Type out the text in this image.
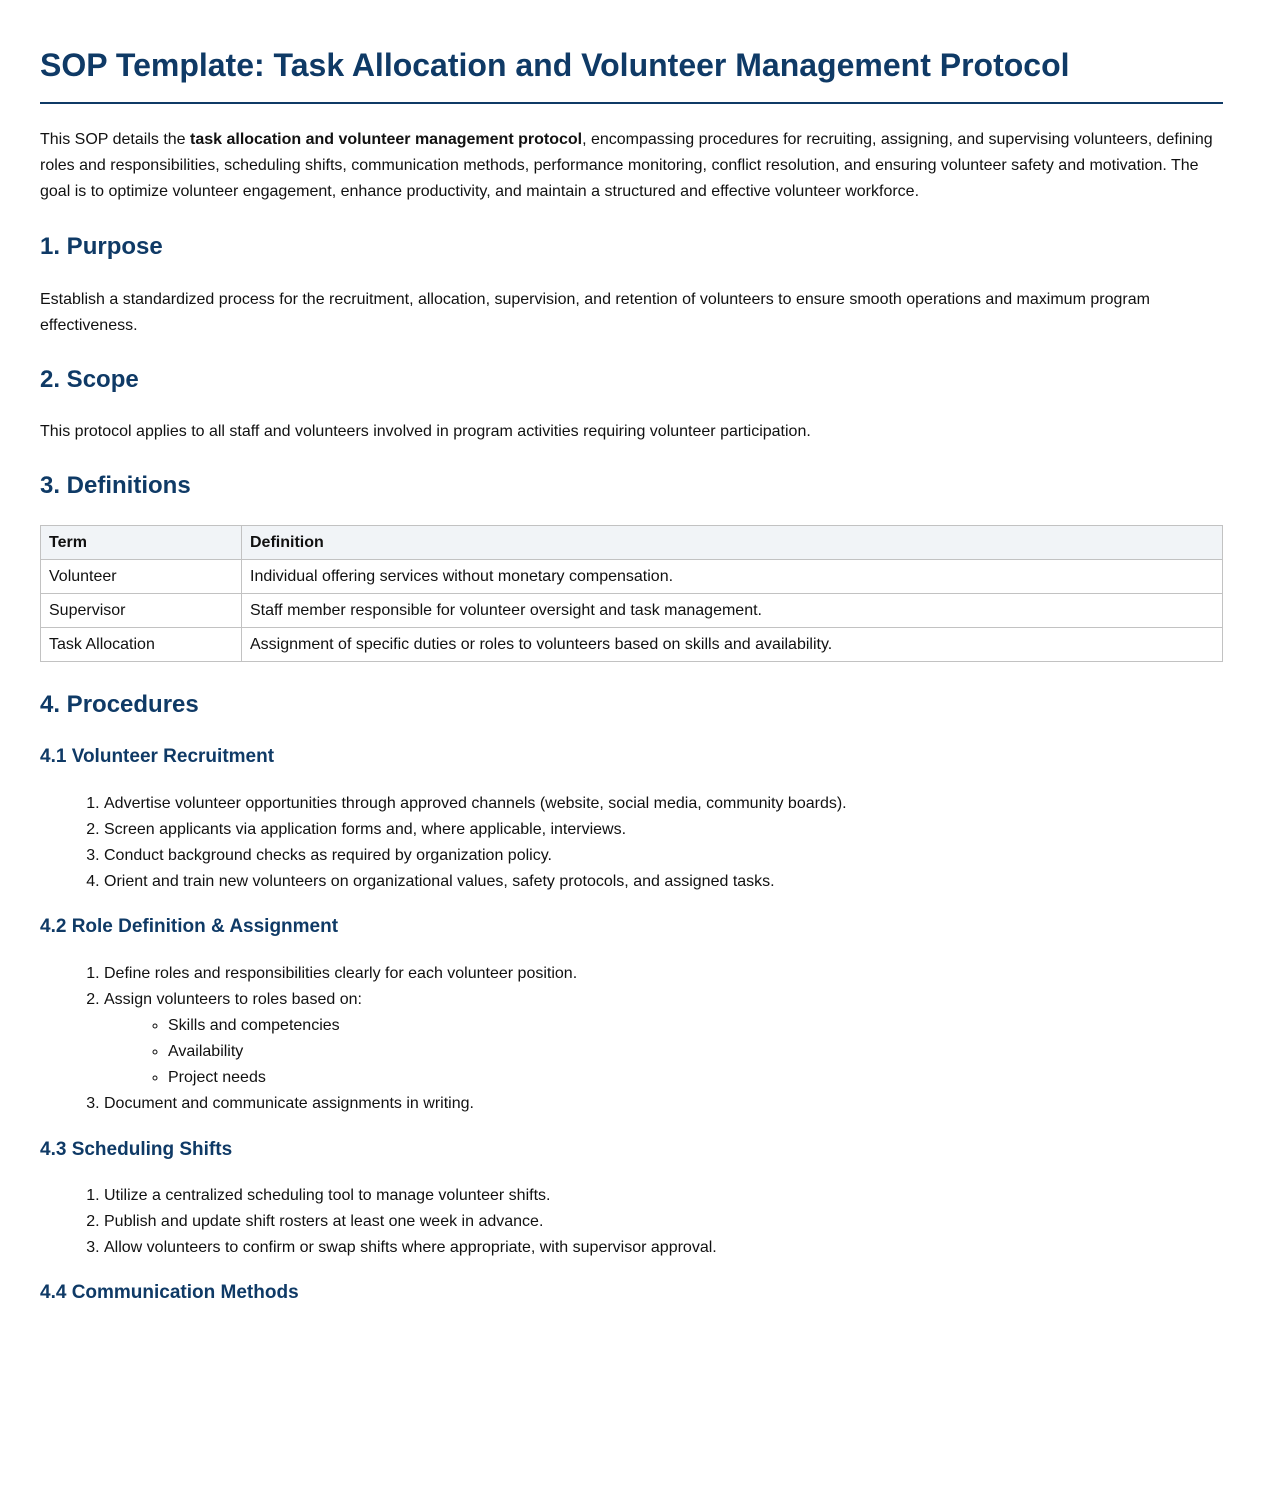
SOP Template: Task Allocation and Volunteer Management Protocol

This SOP details the task allocation and volunteer management protocol, encompassing procedures for recruiting, assigning, and supervising volunteers, defining roles and responsibilities, scheduling shifts, communication methods, performance monitoring, conflict resolution, and ensuring volunteer safety and motivation. The goal is to optimize volunteer engagement, enhance productivity, and maintain a structured and effective volunteer workforce.

1. Purpose

Establish a standardized process for the recruitment, allocation, supervision, and retention of volunteers to ensure smooth operations and maximum program effectiveness.

2. Scope

This protocol applies to all staff and volunteers involved in program activities requiring volunteer participation.

3. Definitions
Term	Definition
Volunteer	Individual offering services without monetary compensation.
Supervisor	Staff member responsible for volunteer oversight and task management.
Task Allocation	Assignment of specific duties or roles to volunteers based on skills and availability.
4. Procedures
4.1 Volunteer Recruitment
1. Advertise volunteer opportunities through approved channels (website, social media, community boards).
2. Screen applicants via application forms and, where applicable, interviews.
3. Conduct background checks as required by organization policy.
4. Orient and train new volunteers on organizational values, safety protocols, and assigned tasks.
4.2 Role Definition & Assignment
1. Define roles and responsibilities clearly for each volunteer position.
2. Assign volunteers to roles based on:
◦ Skills and competencies
◦ Availability
◦ Project needs
3. Document and communicate assignments in writing.
4.3 Scheduling Shifts
1. Utilize a centralized scheduling tool to manage volunteer shifts.
2. Publish and update shift rosters at least one week in advance.
3. Allow volunteers to confirm or swap shifts where appropriate, with supervisor approval.
4.4 Communication Methods
